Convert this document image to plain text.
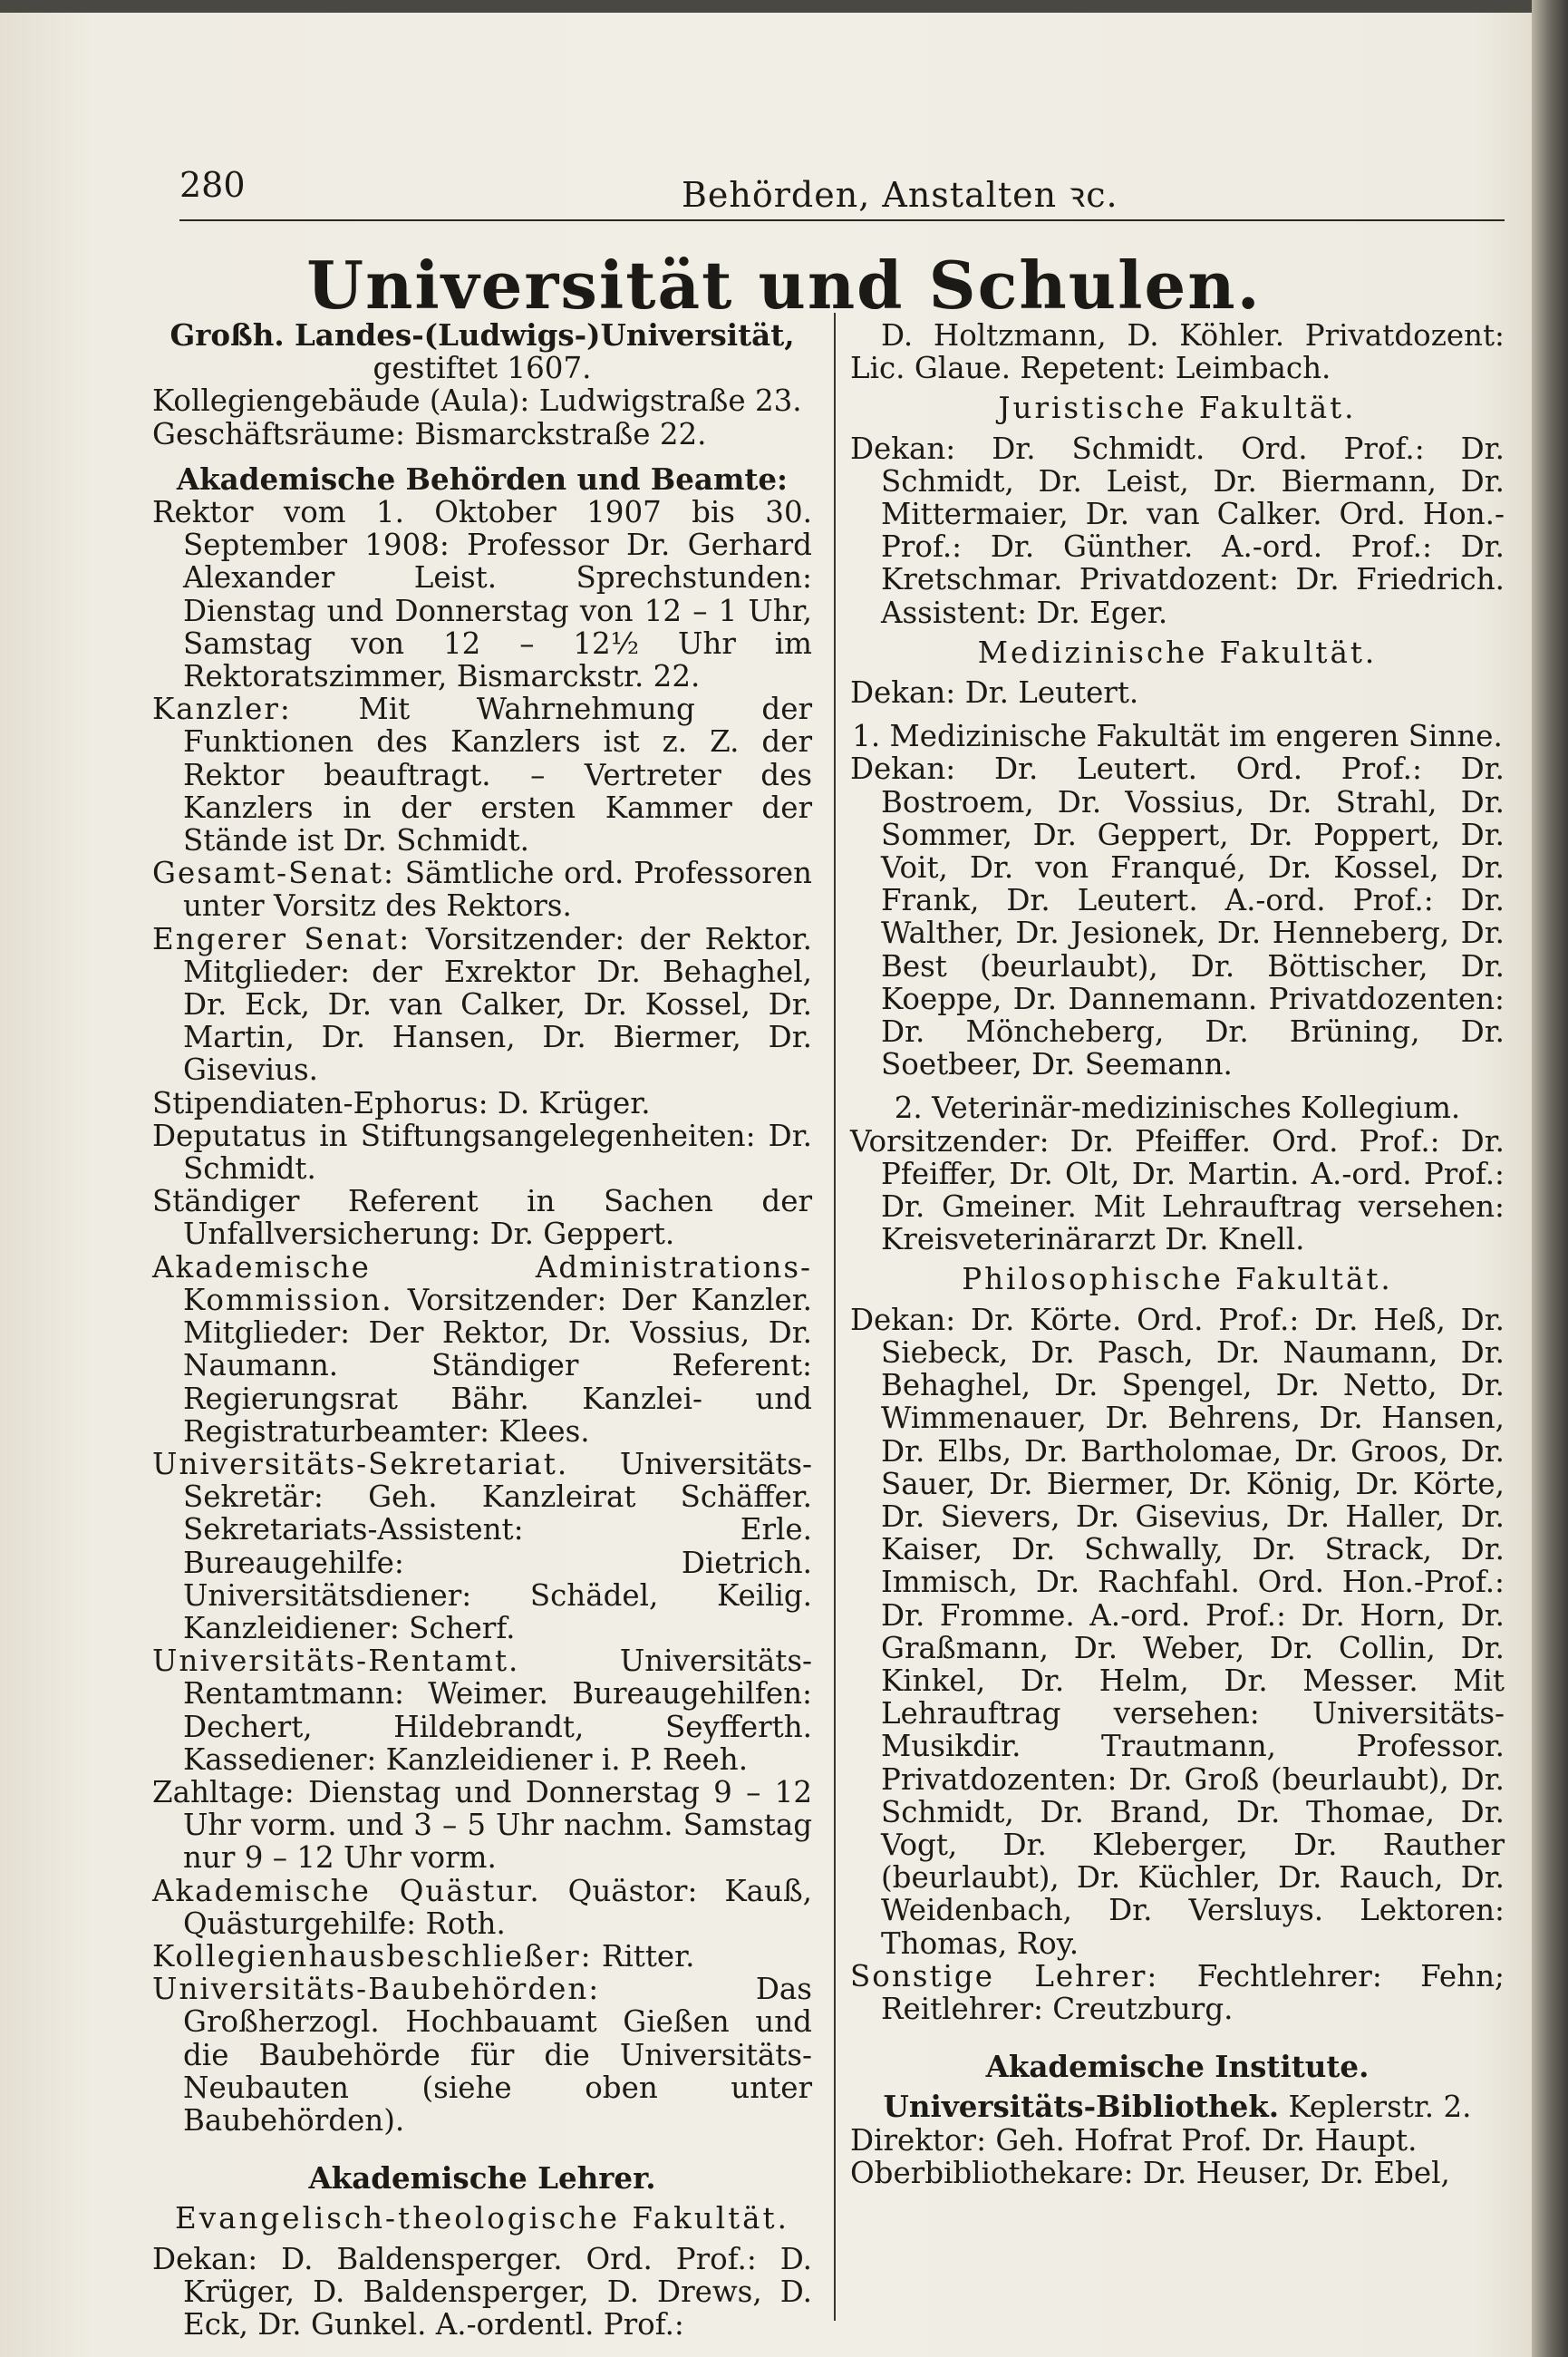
280	Behörden, Anstalten ꝛc.
Universität und Schulen.

Großh. Landes-(Ludwigs-)Universität,

gestiftet 1607.

Kollegiengebäude (Aula): Ludwigstraße 23.

Geschäftsräume: Bismarckstraße 22.

Akademische Behörden und Beamte:

Rektor vom 1. Oktober 1907 bis 30. September 1908: Professor Dr. Gerhard Alexander Leist. Sprechstunden: Dienstag und Donnerstag von 12 – 1 Uhr, Samstag von 12 – 12½ Uhr im Rektoratszimmer, Bismarckstr. 22.

Kanzler: Mit Wahrnehmung der Funktionen des Kanzlers ist z. Z. der Rektor beauftragt. – Vertreter des Kanzlers in der ersten Kammer der Stände ist Dr. Schmidt.

Gesamt-Senat: Sämtliche ord. Professoren unter Vorsitz des Rektors.

Engerer Senat: Vorsitzender: der Rektor. Mitglieder: der Exrektor Dr. Behaghel, Dr. Eck, Dr. van Calker, Dr. Kossel, Dr. Martin, Dr. Hansen, Dr. Biermer, Dr. Gisevius.

Stipendiaten-Ephorus: D. Krüger.

Deputatus in Stiftungsangelegenheiten: Dr. Schmidt.

Ständiger Referent in Sachen der Unfallversicherung: Dr. Geppert.

Akademische Administrations-Kommission. Vorsitzender: Der Kanzler. Mitglieder: Der Rektor, Dr. Vossius, Dr. Naumann. Ständiger Referent: Regierungsrat Bähr. Kanzlei- und Registraturbeamter: Klees.

Universitäts-Sekretariat. Universitäts-Sekretär: Geh. Kanzleirat Schäffer. Sekretariats-Assistent: Erle. Bureaugehilfe: Dietrich. Universitätsdiener: Schädel, Keilig. Kanzleidiener: Scherf.

Universitäts-Rentamt.	Universitäts-Rentamtmann: Weimer. Bureaugehilfen: Dechert, Hildebrandt, Seyfferth. Kassediener: Kanzleidiener i. P. Reeh.

Zahltage: Dienstag und Donnerstag 9 – 12 Uhr vorm. und 3 – 5 Uhr nachm. Samstag nur 9 – 12 Uhr vorm.

Akademische Quästur. Quästor: Kauß, Quästurgehilfe: Roth.

Kollegienhausbeschließer: Ritter.

Universitäts-Baubehörden:	Das Großherzogl. Hochbauamt Gießen und die Baubehörde für die Universitäts-Neubauten (siehe oben unter Baubehörden).

Akademische Lehrer.

Evangelisch-theologische Fakultät.

Dekan: D. Baldensperger. Ord. Prof.: D. Krüger, D. Baldensperger, D. Drews, D. Eck, Dr. Gunkel. A.-ordentl. Prof.:

D. Holtzmann, D. Köhler. Privatdozent: Lic. Glaue. Repetent: Leimbach.

Juristische Fakultät.

Dekan: Dr. Schmidt. Ord. Prof.: Dr. Schmidt, Dr. Leist, Dr. Biermann, Dr. Mittermaier, Dr. van Calker. Ord. Hon.-Prof.: Dr. Günther. A.-ord. Prof.: Dr. Kretschmar. Privatdozent: Dr. Friedrich. Assistent: Dr. Eger.

Medizinische Fakultät.

Dekan: Dr. Leutert.

1. Medizinische Fakultät im engeren Sinne.

Dekan: Dr. Leutert. Ord. Prof.: Dr. Bostroem, Dr. Vossius, Dr. Strahl, Dr. Sommer, Dr. Geppert, Dr. Poppert, Dr. Voit, Dr. von Franqué, Dr. Kossel, Dr. Frank, Dr. Leutert. A.-ord. Prof.: Dr. Walther, Dr. Jesionek, Dr. Henneberg, Dr. Best (beurlaubt), Dr. Böttischer, Dr. Koeppe, Dr. Dannemann. Privatdozenten: Dr. Möncheberg, Dr. Brüning, Dr. Soetbeer, Dr. Seemann.

2. Veterinär-medizinisches Kollegium.

Vorsitzender: Dr. Pfeiffer. Ord. Prof.: Dr. Pfeiffer, Dr. Olt, Dr. Martin. A.-ord. Prof.: Dr. Gmeiner. Mit Lehrauftrag versehen: Kreisveterinärarzt Dr. Knell.

Philosophische Fakultät.

Dekan: Dr. Körte. Ord. Prof.: Dr. Heß, Dr. Siebeck, Dr. Pasch, Dr. Naumann, Dr. Behaghel, Dr. Spengel, Dr. Netto, Dr. Wimmenauer, Dr. Behrens, Dr. Hansen, Dr. Elbs, Dr. Bartholomae, Dr. Groos, Dr. Sauer, Dr. Biermer, Dr. König, Dr. Körte, Dr. Sievers, Dr. Gisevius, Dr. Haller, Dr. Kaiser, Dr. Schwally, Dr. Strack, Dr. Immisch, Dr. Rachfahl. Ord. Hon.-Prof.: Dr. Fromme. A.-ord. Prof.: Dr. Horn, Dr. Graßmann, Dr. Weber, Dr. Collin, Dr. Kinkel, Dr. Helm, Dr. Messer. Mit Lehrauftrag versehen: Universitäts-Musikdir. Trautmann, Professor. Privatdozenten: Dr. Groß (beurlaubt), Dr. Schmidt, Dr. Brand, Dr. Thomae, Dr. Vogt, Dr. Kleberger, Dr. Rauther (beurlaubt), Dr. Küchler, Dr. Rauch, Dr. Weidenbach, Dr. Versluys. Lektoren: Thomas, Roy.

Sonstige Lehrer: Fechtlehrer: Fehn; Reitlehrer: Creutzburg.

Akademische Institute.

Universitäts-Bibliothek. Keplerstr. 2.

Direktor: Geh. Hofrat Prof. Dr. Haupt.

Oberbibliothekare: Dr. Heuser, Dr. Ebel,
